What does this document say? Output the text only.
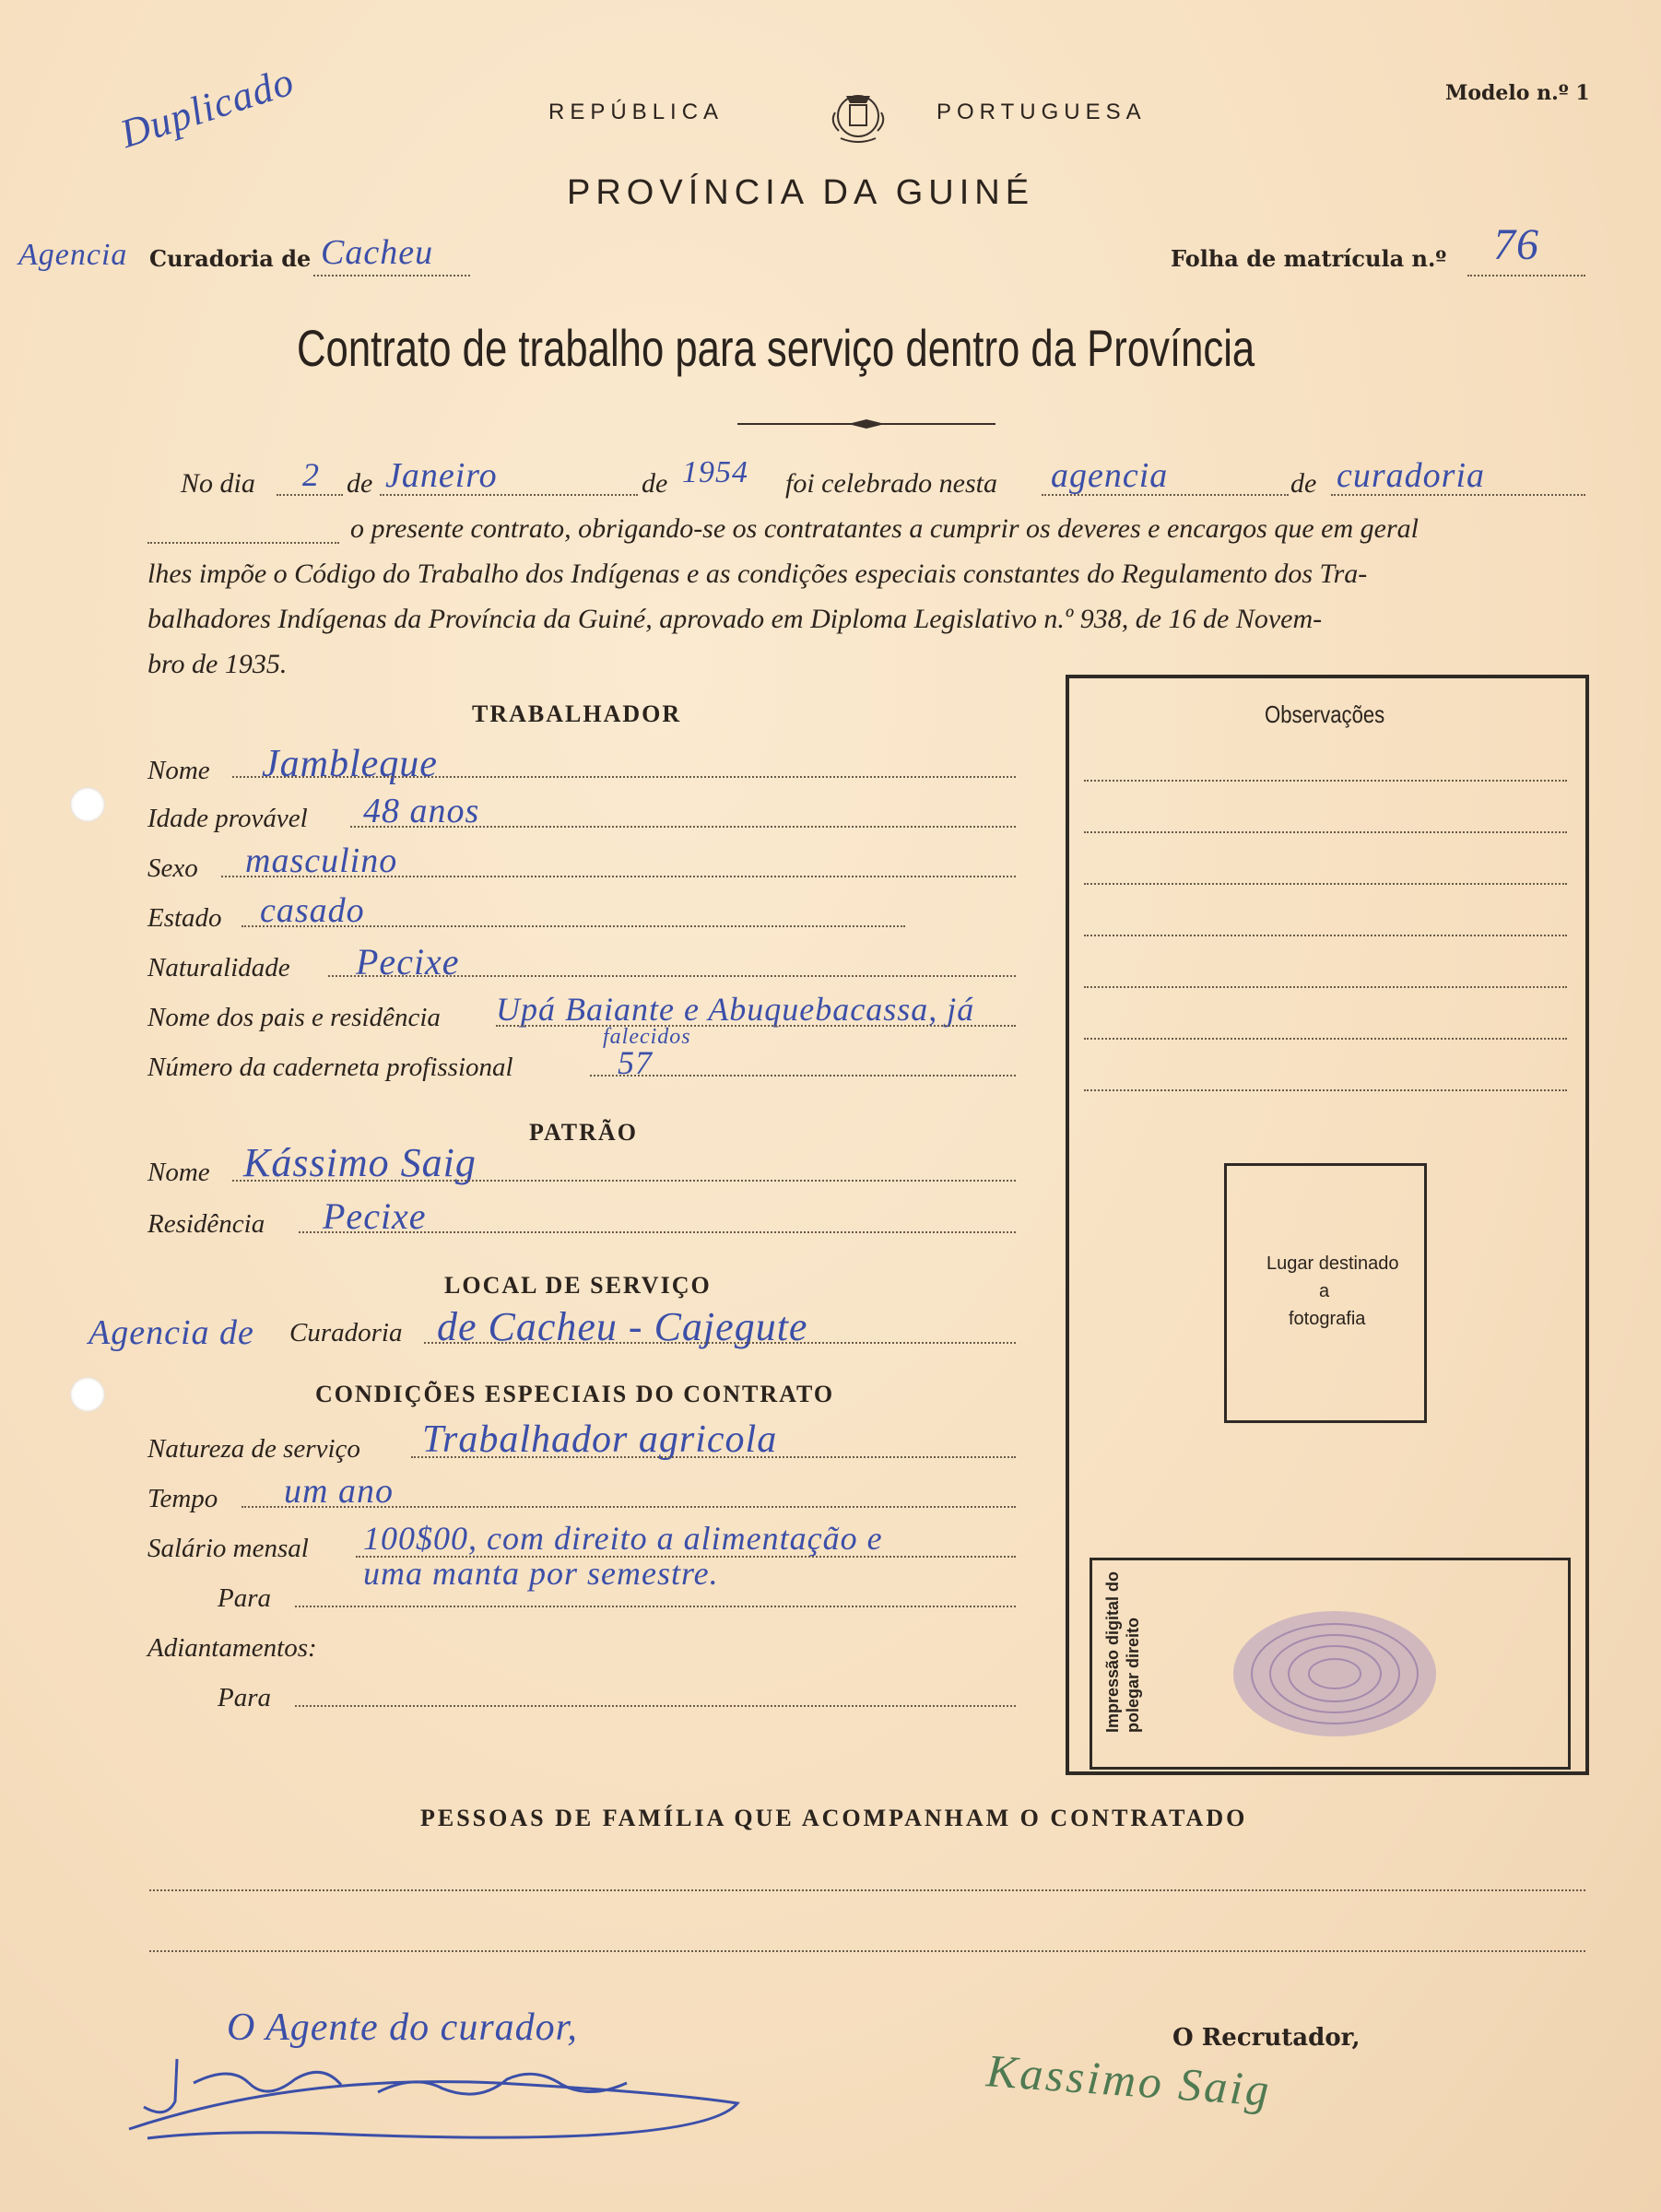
Duplicado	REPÚBLICA	PORTUGUESA
PROVÍNCIA DA GUINÉ
Modelo n.º 1
Agencia Curadoria de Cacheu	Folha de matrícula n.º 76
Contrato de trabalho para serviço dentro da Província
No dia 2 de Janeiro	de 1954 foi celebrado nesta agencia	de curadoria
o presente contrato, obrigando-se os contratantes a cumprir os deveres e encargos que em geral
lhes impõe o Código do Trabalho dos Indígenas e as condições especiais constantes do Regulamento dos Tra-
balhadores Indígenas da Província da Guiné, aprovado em Diploma Legislativo n.º 938, de 16 de Novem-
bro de 1935.
Observações
Lugar destinado
a
fotografia
Impressão digital do polegar direito
TRABALHADOR
Nome Jambleque
Idade provável 48 anos
Sexo masculino
Estado casado
Naturalidade Pecixe
Nome dos pais e residência Upá Baiante e Abuquebacassa, já
falecidos
Número da caderneta profissional	57
PATRÃO
Nome Kássimo Saig
Residência Pecixe
LOCAL DE SERVIÇO
Agencia de Curadoria de Cacheu - Cajegute
CONDIÇÕES ESPECIAIS DO CONTRATO
Natureza de serviço Trabalhador agricola
Tempo um ano
Salário mensal 100$00, com direito a alimentação e
uma manta por semestre.
Para
Adiantamentos:
Para
PESSOAS DE FAMÍLIA QUE ACOMPANHAM O CONTRATADO
O Agente do curador,	O Recrutador,
Kassimo Saig
